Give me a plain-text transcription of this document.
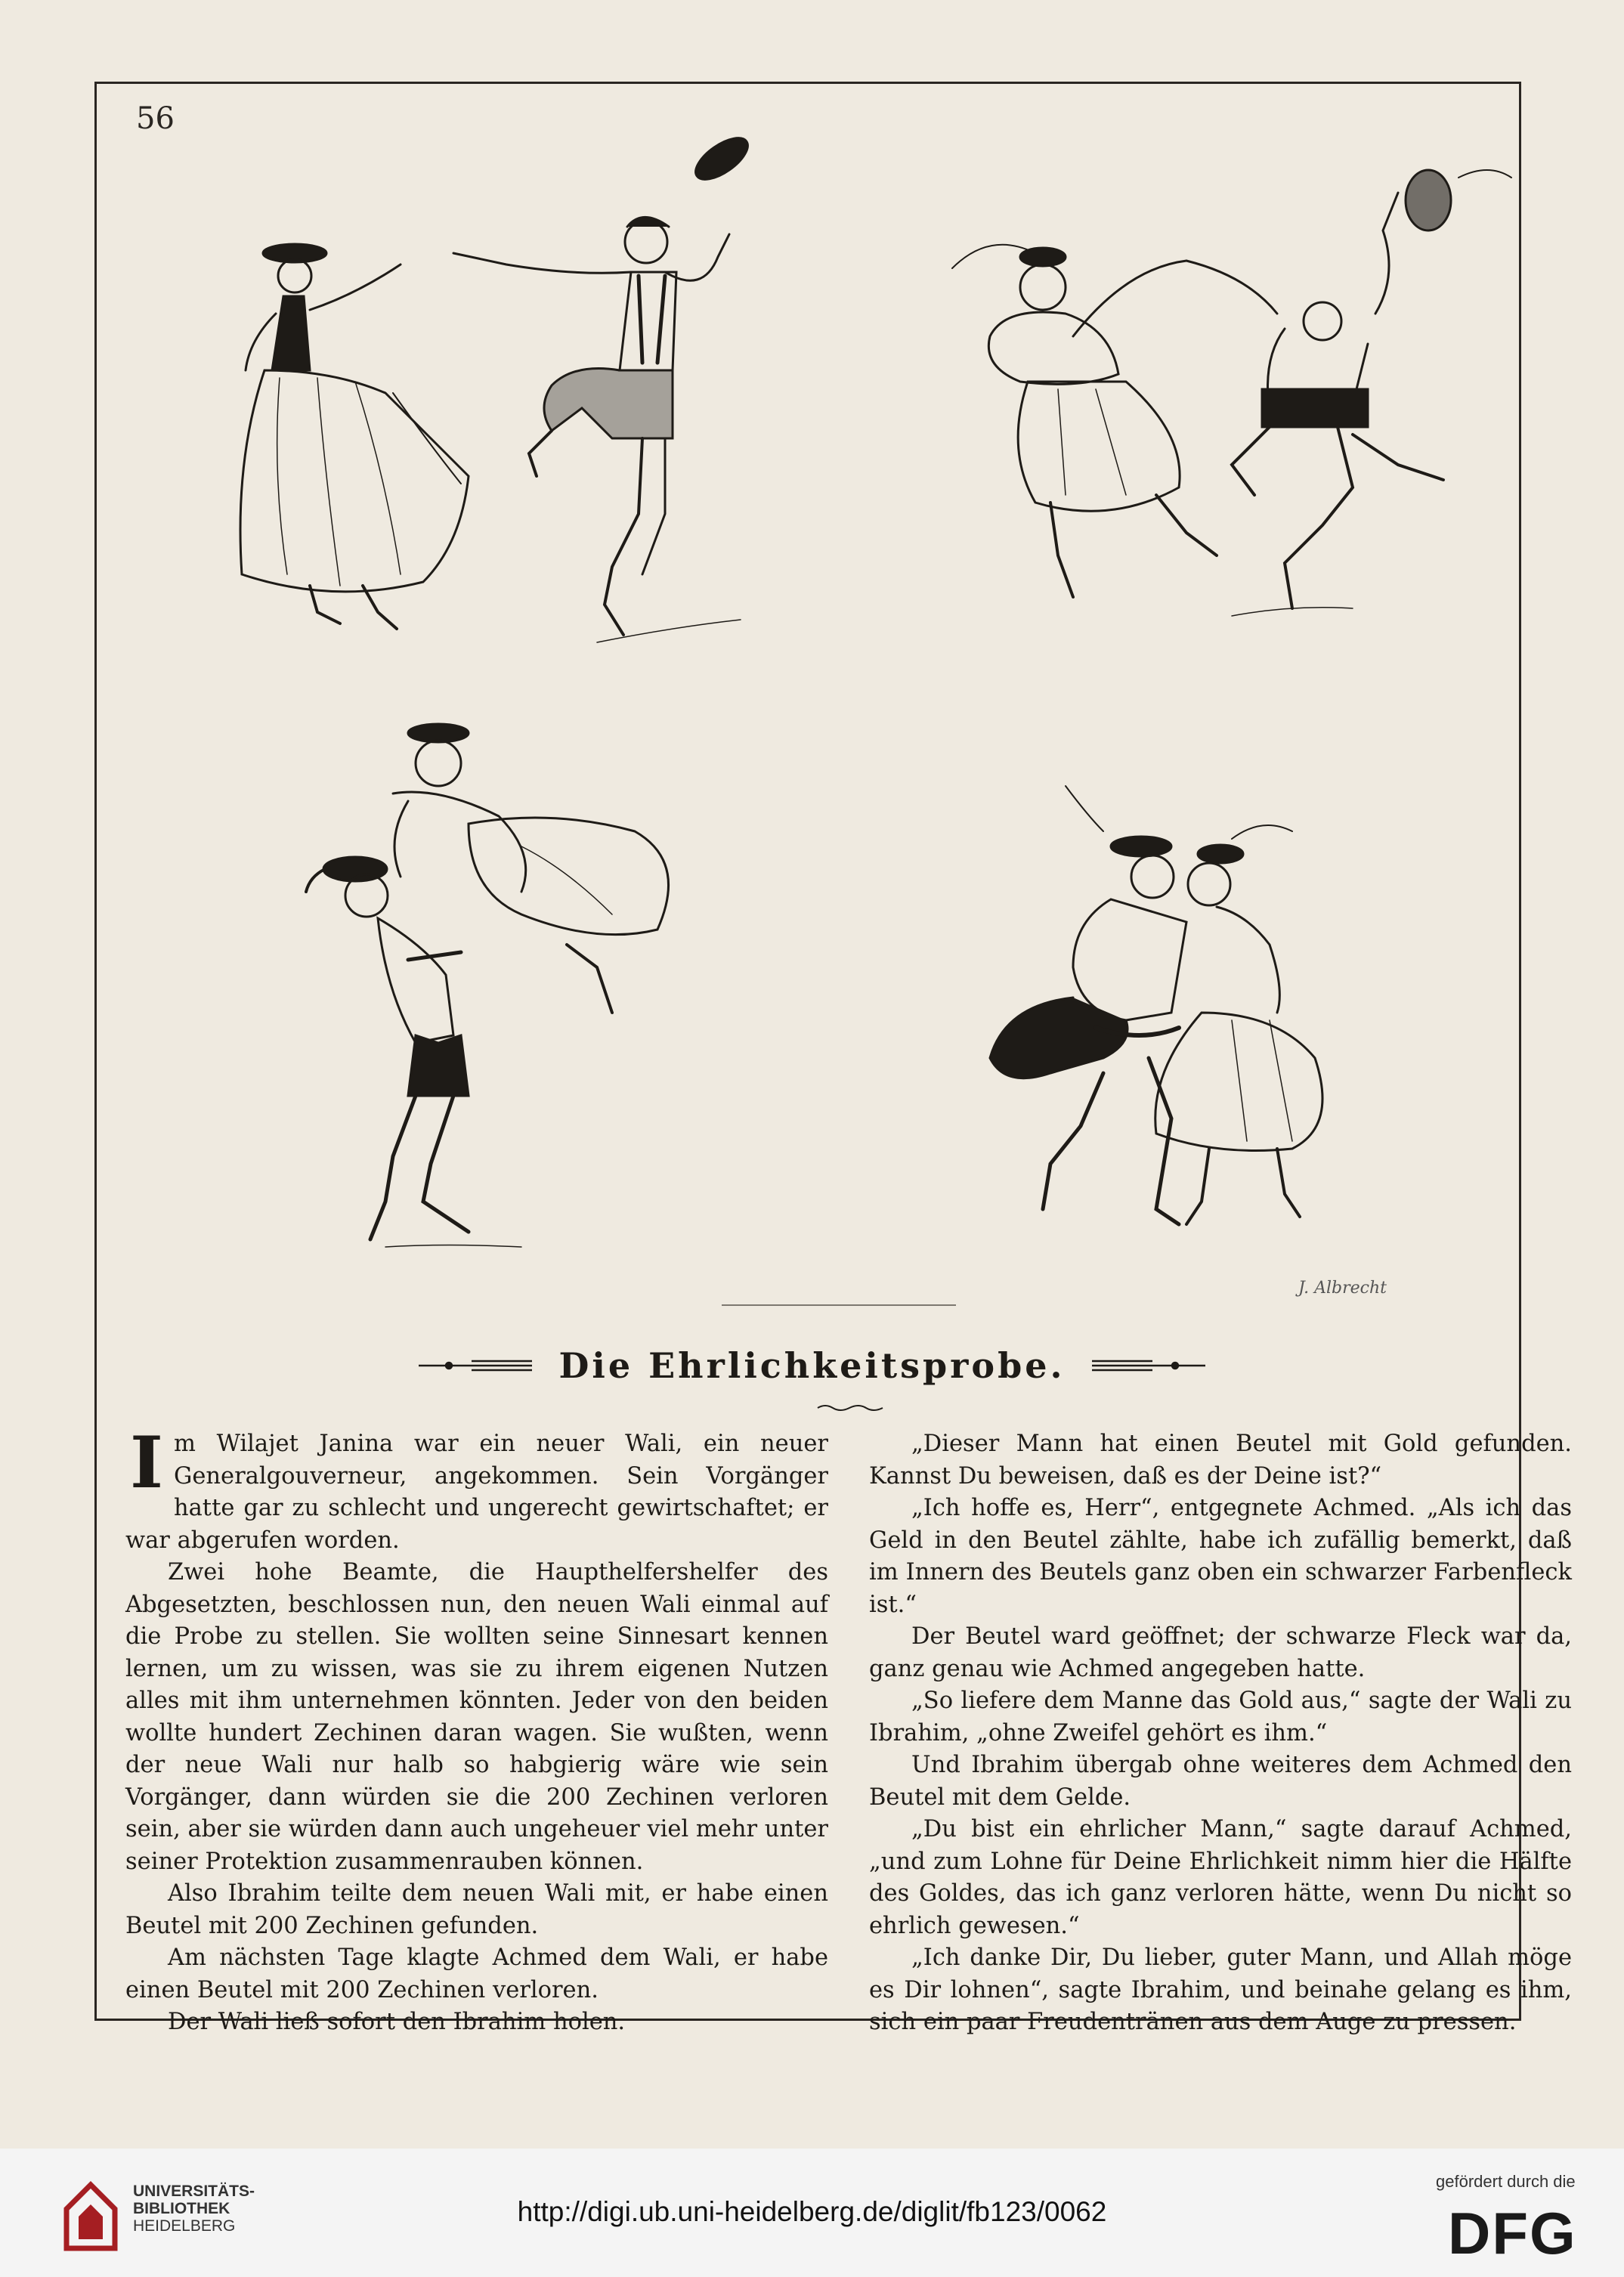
56
J. Albrecht
Die Ehrlichkeitsprobe.

Im Wilajet Janina war ein neuer Wali, ein neuer Generalgouverneur, angekommen. Sein Vorgänger hatte gar zu schlecht und ungerecht gewirtschaftet; er war abgerufen worden.

Zwei hohe Beamte, die Haupthelfershelfer des Abgesetzten, beschlossen nun, den neuen Wali einmal auf die Probe zu stellen. Sie wollten seine Sinnesart kennen lernen, um zu wissen, was sie zu ihrem eigenen Nutzen alles mit ihm unternehmen könnten. Jeder von den beiden wollte hundert Zechinen daran wagen. Sie wußten, wenn der neue Wali nur halb so habgierig wäre wie sein Vorgänger, dann würden sie die 200 Zechinen verloren sein, aber sie würden dann auch ungeheuer viel mehr unter seiner Protektion zusammenrauben können.

Also Ibrahim teilte dem neuen Wali mit, er habe einen Beutel mit 200 Zechinen gefunden.

Am nächsten Tage klagte Achmed dem Wali, er habe einen Beutel mit 200 Zechinen verloren.

Der Wali ließ sofort den Ibrahim holen.

„Dieser Mann hat einen Beutel mit Gold gefunden. Kannst Du beweisen, daß es der Deine ist?“

„Ich hoffe es, Herr“, entgegnete Achmed. „Als ich das Geld in den Beutel zählte, habe ich zufällig bemerkt, daß im Innern des Beutels ganz oben ein schwarzer Farbenfleck ist.“

Der Beutel ward geöffnet; der schwarze Fleck war da, ganz genau wie Achmed angegeben hatte.

„So liefere dem Manne das Gold aus,“ sagte der Wali zu Ibrahim, „ohne Zweifel gehört es ihm.“

Und Ibrahim übergab ohne weiteres dem Achmed den Beutel mit dem Gelde.

„Du bist ein ehrlicher Mann,“ sagte darauf Achmed, „und zum Lohne für Deine Ehrlichkeit nimm hier die Hälfte des Goldes, das ich ganz verloren hätte, wenn Du nicht so ehrlich gewesen.“

„Ich danke Dir, Du lieber, guter Mann, und Allah möge es Dir lohnen“, sagte Ibrahim, und beinahe gelang es ihm, sich ein paar Freudentränen aus dem Auge zu pressen.

UNIVERSITÄTS-
BIBLIOTHEK
HEIDELBERG	http://digi.ub.uni-heidelberg.de/diglit/fb123/0062
gefördert durch die
DFG
